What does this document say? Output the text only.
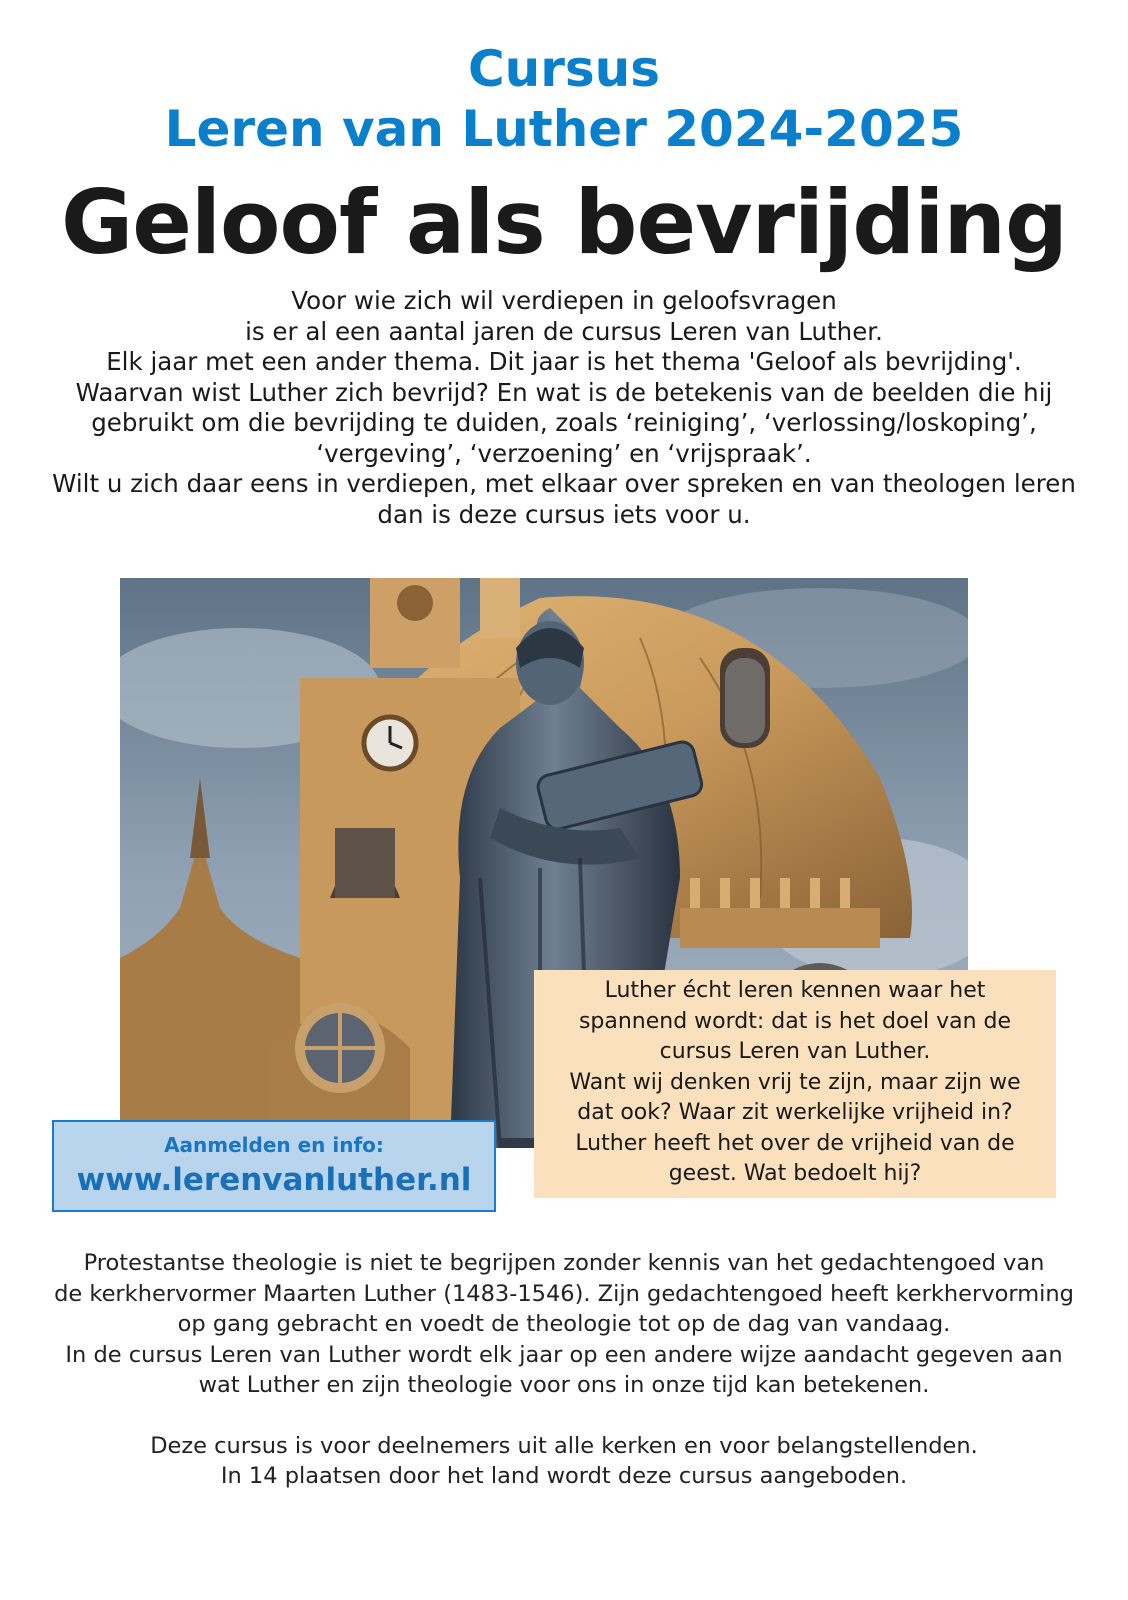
Cursus
Leren van Luther 2024-2025
Geloof als bevrijding

Voor wie zich wil verdiepen in geloofsvragen

is er al een aantal jaren de cursus Leren van Luther.

Elk jaar met een ander thema. Dit jaar is het thema 'Geloof als bevrijding'.

Waarvan wist Luther zich bevrijd? En wat is de betekenis van de beelden die hij

gebruikt om die bevrijding te duiden, zoals ‘reiniging’, ‘verlossing/loskoping’,

‘vergeving’, ‘verzoening’ en ‘vrijspraak’.

Wilt u zich daar eens in verdiepen, met elkaar over spreken en van theologen leren

dan is deze cursus iets voor u.

Aanmelden en info:

www.lerenvanluther.nl

Luther écht leren kennen waar het

spannend wordt: dat is het doel van de

cursus Leren van Luther.

Want wij denken vrij te zijn, maar zijn we

dat ook? Waar zit werkelijke vrijheid in?

Luther heeft het over de vrijheid van de

geest. Wat bedoelt hij?

Protestantse theologie is niet te begrijpen zonder kennis van het gedachtengoed van

de kerkhervormer Maarten Luther (1483-1546). Zijn gedachtengoed heeft kerkhervorming

op gang gebracht en voedt de theologie tot op de dag van vandaag.

In de cursus Leren van Luther wordt elk jaar op een andere wijze aandacht gegeven aan

wat Luther en zijn theologie voor ons in onze tijd kan betekenen.

Deze cursus is voor deelnemers uit alle kerken en voor belangstellenden.

In 14 plaatsen door het land wordt deze cursus aangeboden.
